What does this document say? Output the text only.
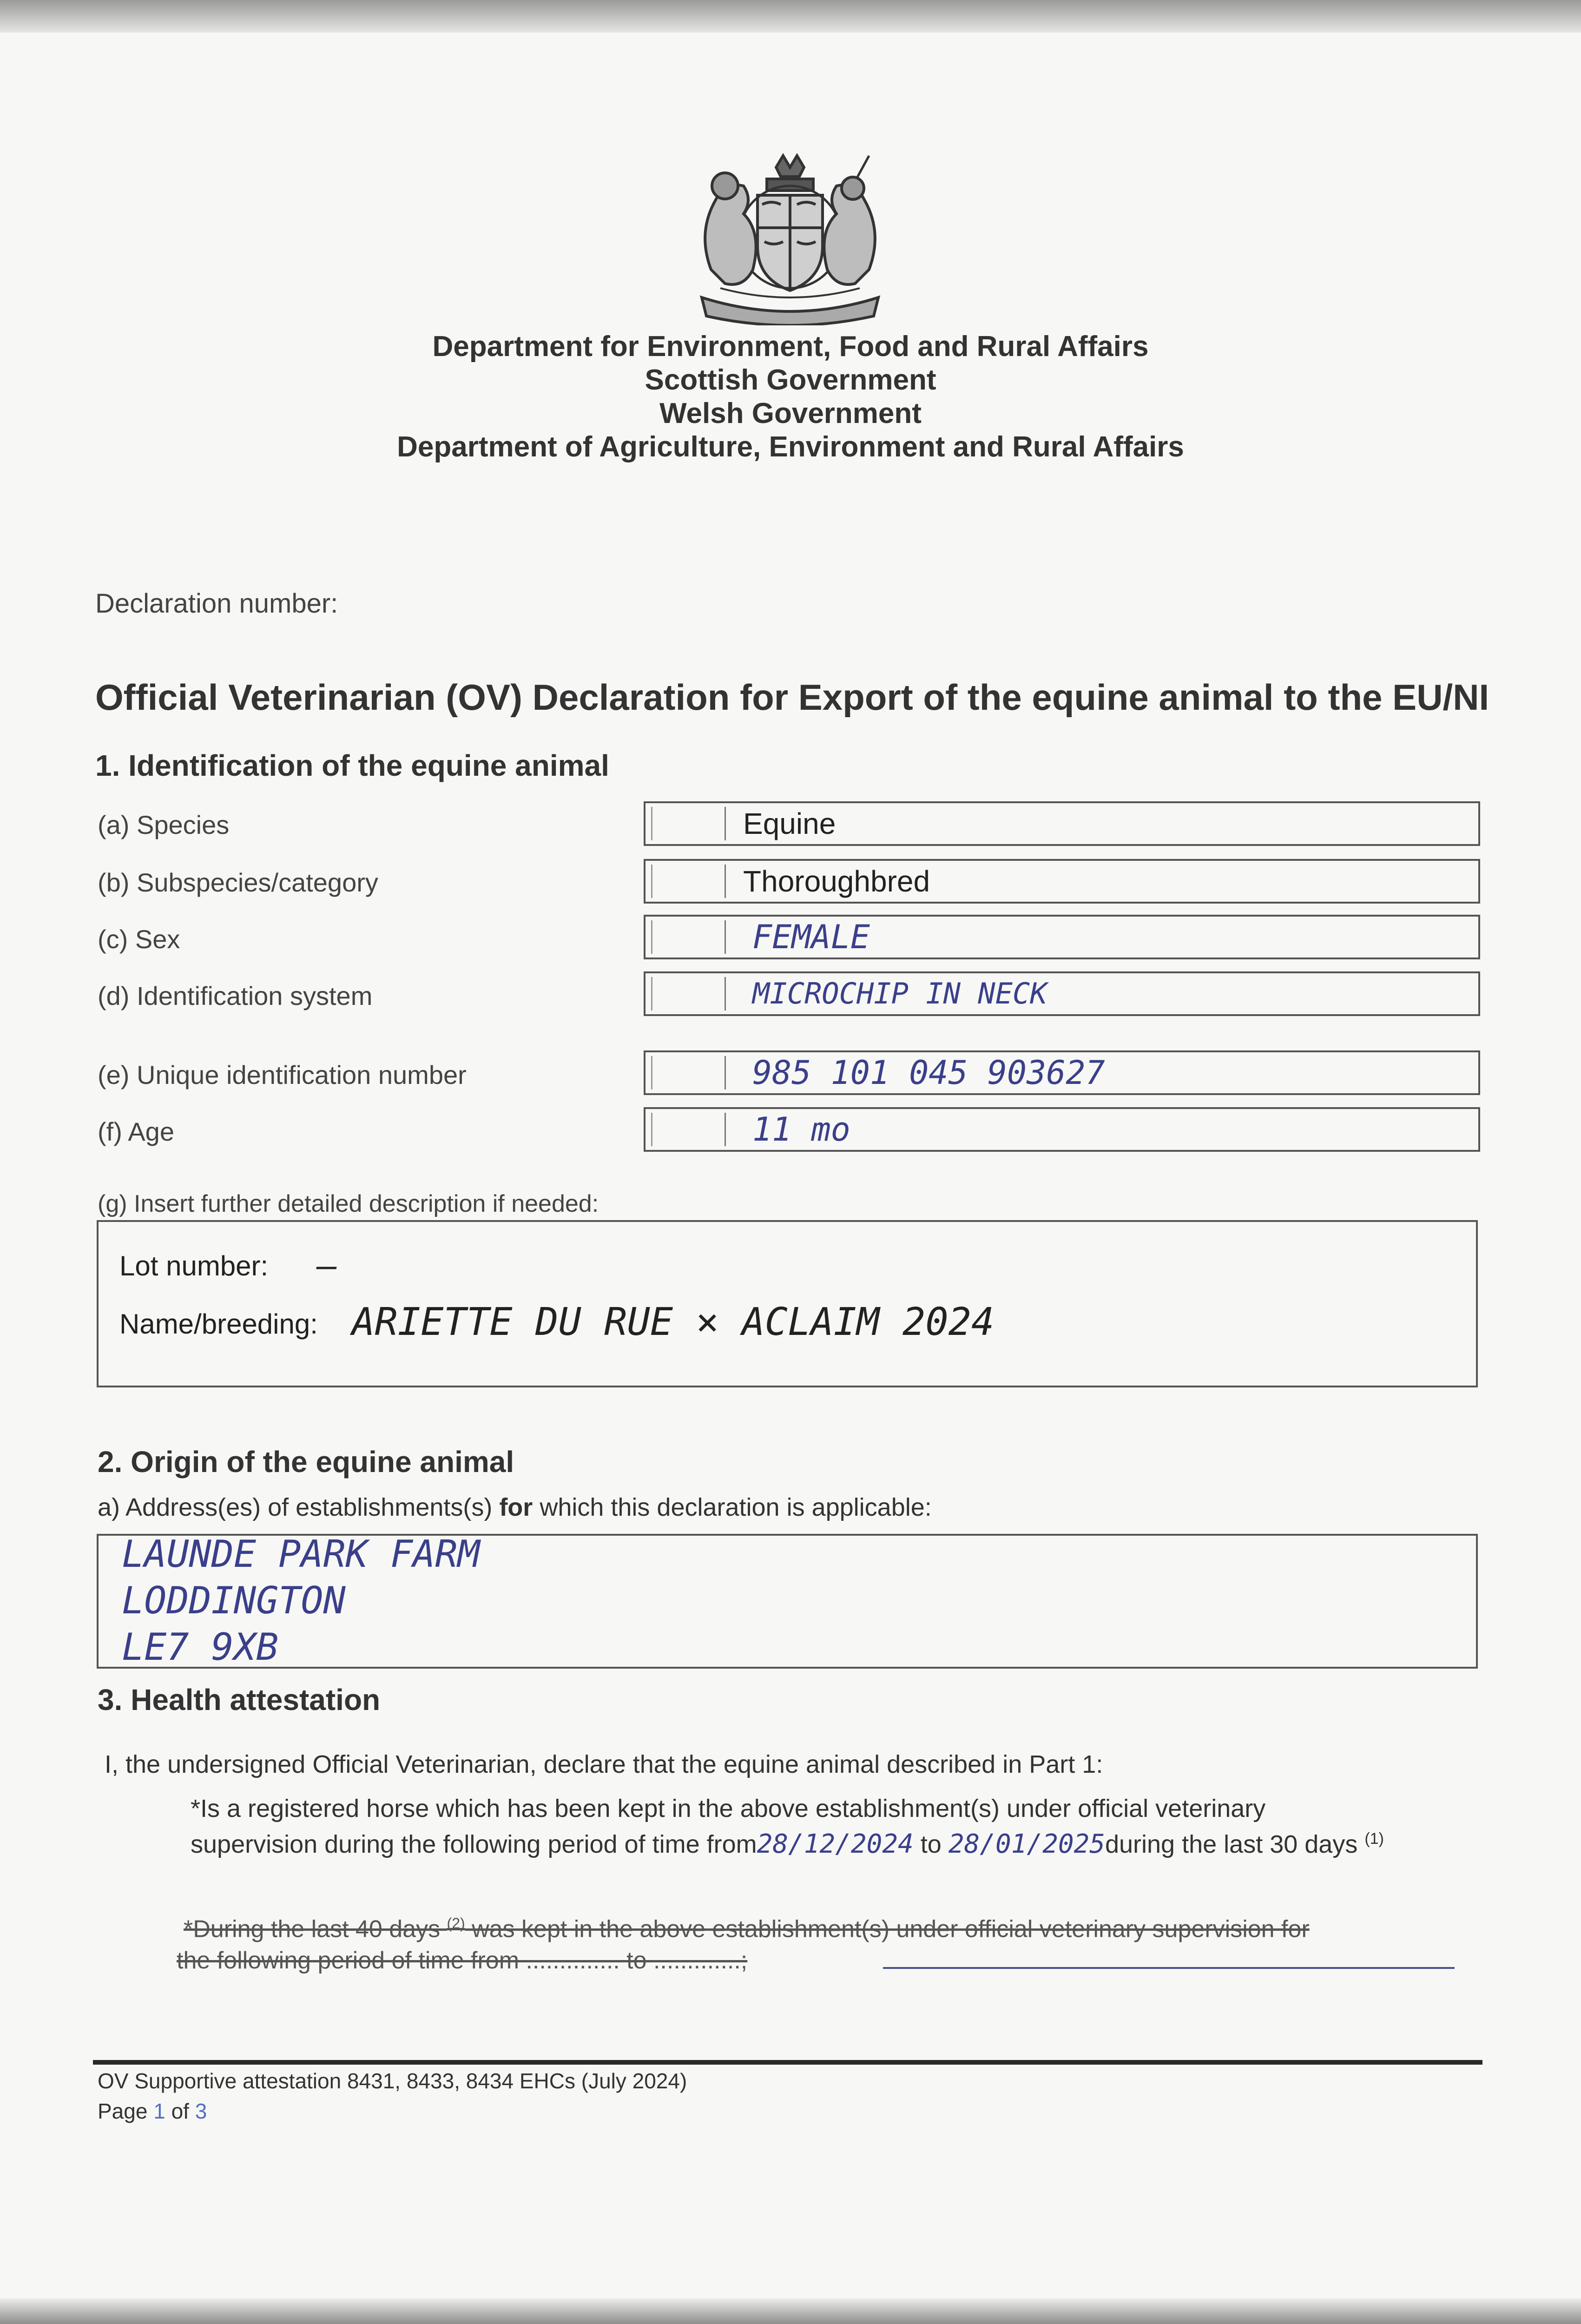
Department for Environment, Food and Rural Affairs
Scottish Government
Welsh Government
Department of Agriculture, Environment and Rural Affairs
Declaration number:
Official Veterinarian (OV) Declaration for Export of the equine animal to the EU/NI
1. Identification of the equine animal
(a) Species	Equine
(b) Subspecies/category	Thoroughbred
(c) Sex	FEMALE
(d) Identification system	MICROCHIP IN NECK
(e) Unique identification number	985 101 045 903627
(f) Age	11 mo
(g) Insert further detailed description if needed:
Lot number: —
Name/breeding: ARIETTE DU RUE × ACLAIM 2024
2. Origin of the equine animal
a) Address(es) of establishments(s) for which this declaration is applicable:
LAUNDE PARK FARM
LODDINGTON
LE7 9XB
3. Health attestation
I, the undersigned Official Veterinarian, declare that the equine animal described in Part 1:
*Is a registered horse which has been kept in the above establishment(s) under official veterinary
supervision during the following period of time from28/12/2024 to 28/01/2025during the last 30 days $^{(1)}$
*During the last 40 days $^{(2)}$ was kept in the above establishment(s) under official veterinary supervision for
the following period of time from .............. to .............;
OV Supportive attestation 8431, 8433, 8434 EHCs (July 2024)
Page 1 of 3
